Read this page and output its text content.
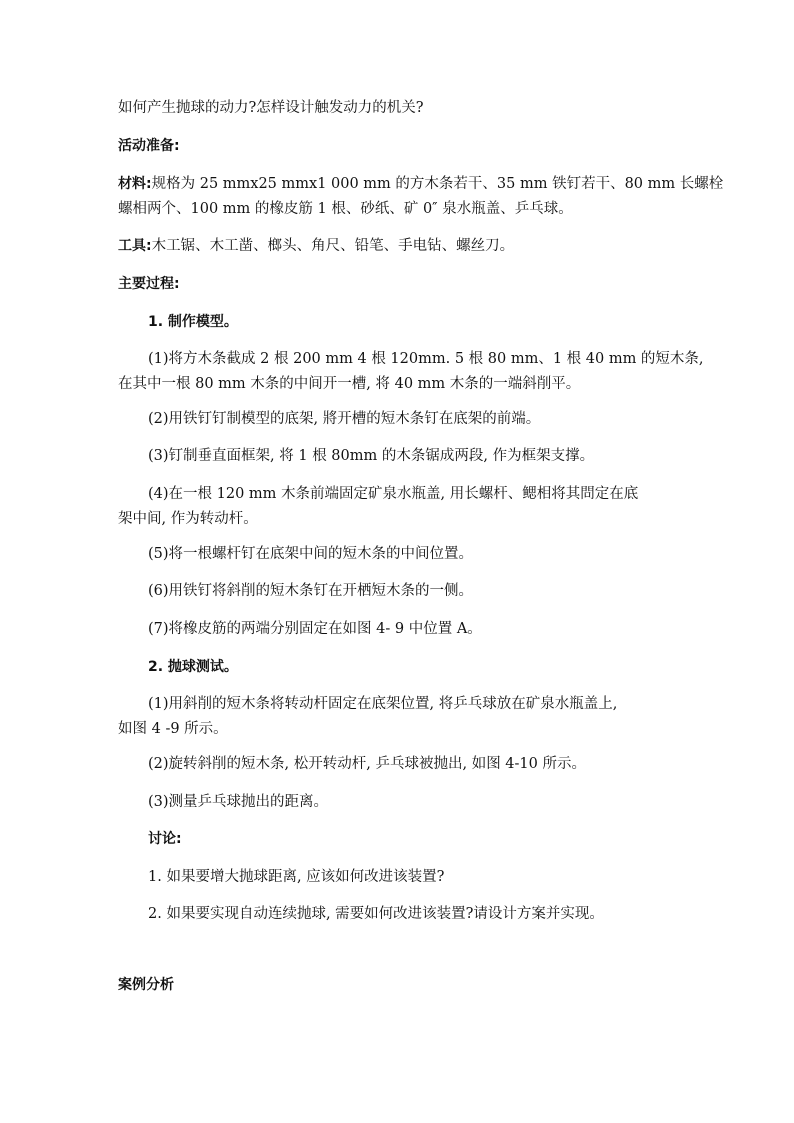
如何产生抛球的动力?怎样设计触发动力的机关?

活动准备:

材料:规格为 25 mmx25 mmx1 000 mm 的方木条若干、35 mm 铁钉若干、80 mm 长螺栓
螺相两个、100 mm 的橡皮筋 1 根、砂纸、矿 0″ 泉水瓶盖、乒乓球。

工具:木工锯、木工凿、榔头、角尺、铅笔、手电钻、螺丝刀。

主要过程:

1. 制作模型。

(1)将方木条截成 2 根 200 mm 4 根 120mm. 5 根 80 mm、1 根 40 mm 的短木条,
在其中一根 80 mm 木条的中间开一槽, 将 40 mm 木条的一端斜削平。

(2)用铁钉钉制模型的底架, 將开槽的短木条钉在底架的前端。

(3)钉制垂直面框架, 将 1 根 80mm 的木条锯成两段, 作为框架支撑。

(4)在一根 120 mm 木条前端固定矿泉水瓶盖, 用长螺杆、鳃相将其問定在底
架中间, 作为转动杆。

(5)将一根螺杆钉在底架中间的短木条的中间位置。

(6)用铁钉将斜削的短木条钉在开栖短木条的一侧。

(7)将橡皮筋的两端分别固定在如图 4- 9 中位置 A。

2. 抛球测试。

(1)用斜削的短木条将转动杆固定在底架位置, 将乒乓球放在矿泉水瓶盖上,
如图 4 -9 所示。

(2)旋转斜削的短木条, 松开转动杆, 乒乓球被抛出, 如图 4-10 所示。

(3)测量乒乓球抛出的距离。

讨论:

1. 如果要增大抛球距离, 应该如何改进该装置?

2. 如果要实现自动连续抛球, 需要如何改进该装置?请设计方案并实现。

案例分析
